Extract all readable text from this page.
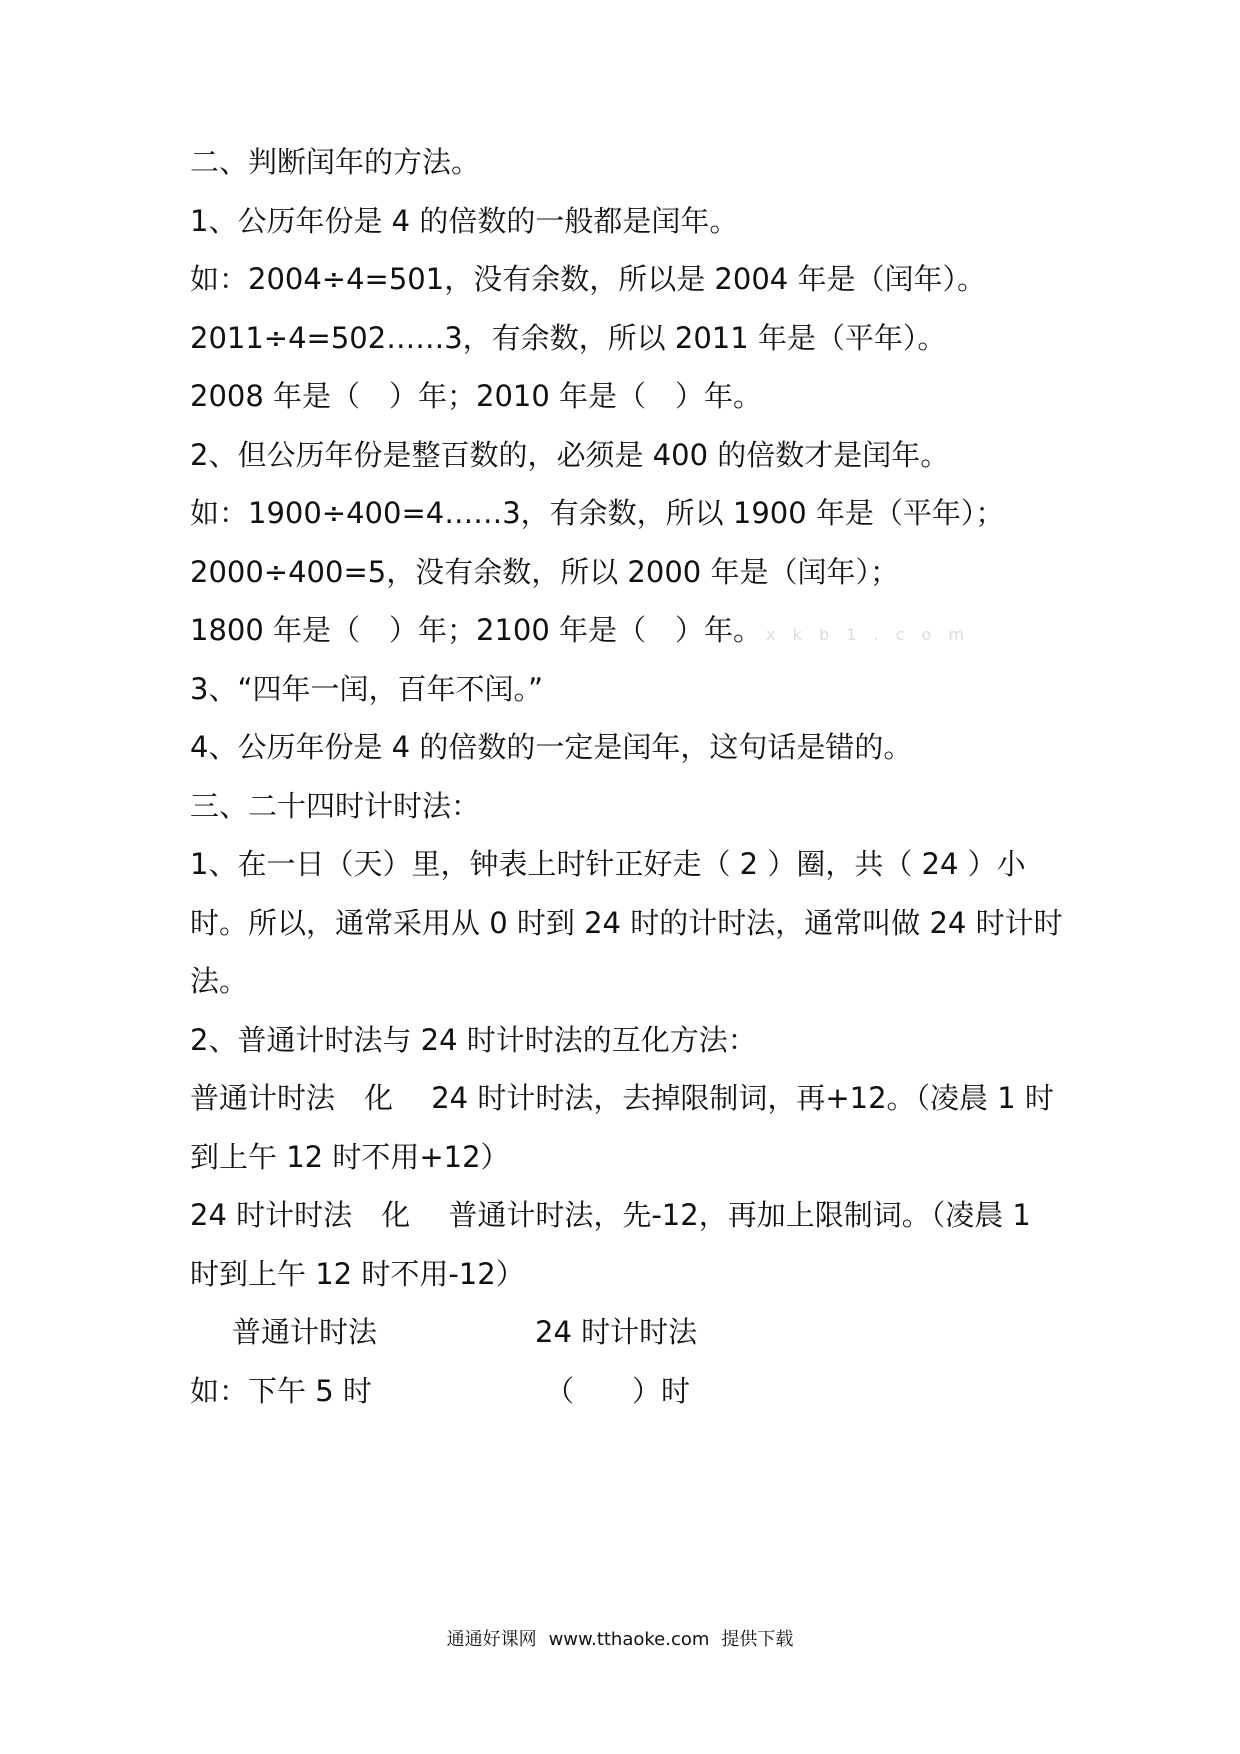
二、判断闰年的方法。
1、公历年份是 4 的倍数的一般都是闰年。
如：2004÷4=501，没有余数，所以是 2004 年是（闰年）。
2011÷4=502……3，有余数，所以 2011 年是（平年）。
2008 年是（　）年；2010 年是（　）年。
2、但公历年份是整百数的，必须是 400 的倍数才是闰年。
如：1900÷400=4……3，有余数，所以 1900 年是（平年）；
2000÷400=5，没有余数，所以 2000 年是（闰年）；
1800 年是（　）年；2100 年是（　）年。 x k b 1 . c o m
3、“四年一闰，百年不闰。”
4、公历年份是 4 的倍数的一定是闰年，这句话是错的。
三、二十四时计时法：
1、在一日（天）里，钟表上时针正好走（ 2 ）圈，共（ 24 ）小
时。所以，通常采用从 0 时到 24 时的计时法，通常叫做 24 时计时
法。
2、普通计时法与 24 时计时法的互化方法：
普通计时法　化　 24 时计时法，去掉限制词，再+12。（凌晨 1 时
到上午 12 时不用+12）
24 时计时法　化　 普通计时法，先-12，再加上限制词。（凌晨 1
时到上午 12 时不用-12）
普通计时法	24 时计时法
如：下午 5 时	（　　）时
通通好课网 www.tthaoke.com 提供下载
